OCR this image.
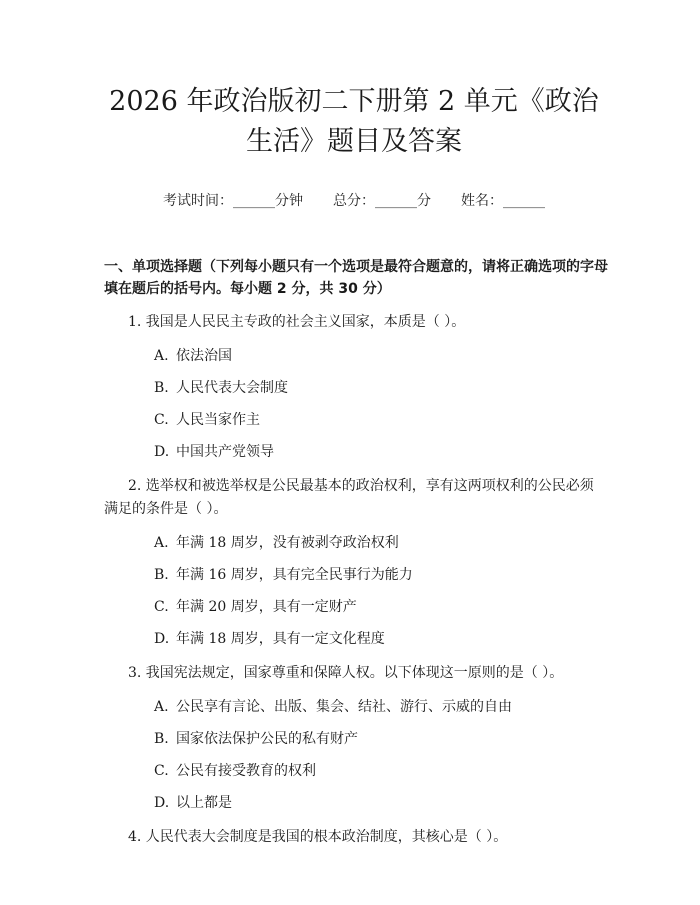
2026 年政治版初二下册第 2 单元《政治生活》题目及答案
考试时间：______分钟 总分：______分 姓名：______
一、单项选择题（下列每小题只有一个选项是最符合题意的，请将正确选项的字母填在题后的括号内。每小题 2 分，共 30 分）
1. 我国是人民民主专政的社会主义国家，本质是（ ）。
A. 依法治国
B. 人民代表大会制度
C. 人民当家作主
D. 中国共产党领导
2. 选举权和被选举权是公民最基本的政治权利，享有这两项权利的公民必须满足的条件是（ ）。
A. 年满 18 周岁，没有被剥夺政治权利
B. 年满 16 周岁，具有完全民事行为能力
C. 年满 20 周岁，具有一定财产
D. 年满 18 周岁，具有一定文化程度
3. 我国宪法规定，国家尊重和保障人权。以下体现这一原则的是（ ）。
A. 公民享有言论、出版、集会、结社、游行、示威的自由
B. 国家依法保护公民的私有财产
C. 公民有接受教育的权利
D. 以上都是
4. 人民代表大会制度是我国的根本政治制度，其核心是（ ）。
